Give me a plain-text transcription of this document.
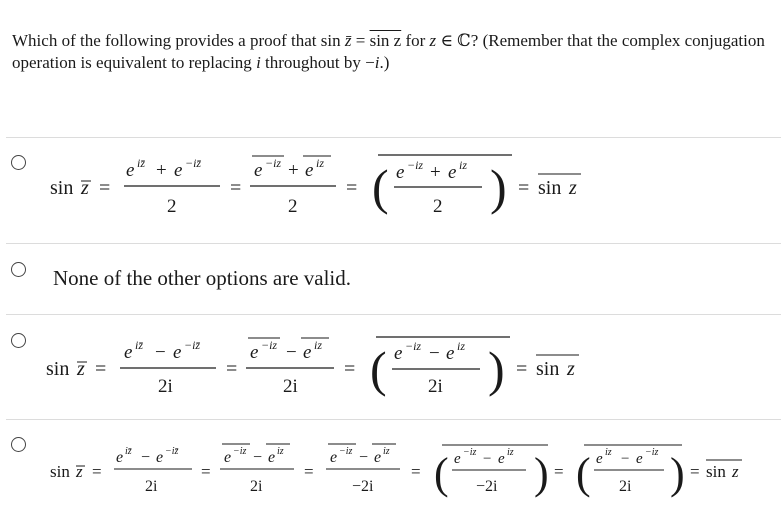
Which of the following provides a proof that sin z̄ = sin z for z ∈ ℂ? (Remember that the complex conjugation operation is equivalent to replacing i throughout by −i.)
sin z =
e iz̄ + e −iz̄
2
=
e −iz + e iz
2
= ( e −iz + e iz
2 ) = sin z
None of the other options are valid.
sin z =
e iz̄ − e −iz̄
2i
=
e −iz − e iz
2i
= ( e −iz − e iz
2i ) = sin z
sin z =
e iz̄ − e −iz̄
2i
=
e −iz − e iz
2i
=
e −iz − e iz
−2i
= ( e −iz − e iz
−2i ) = ( e iz − e −iz
2i ) = sin z
